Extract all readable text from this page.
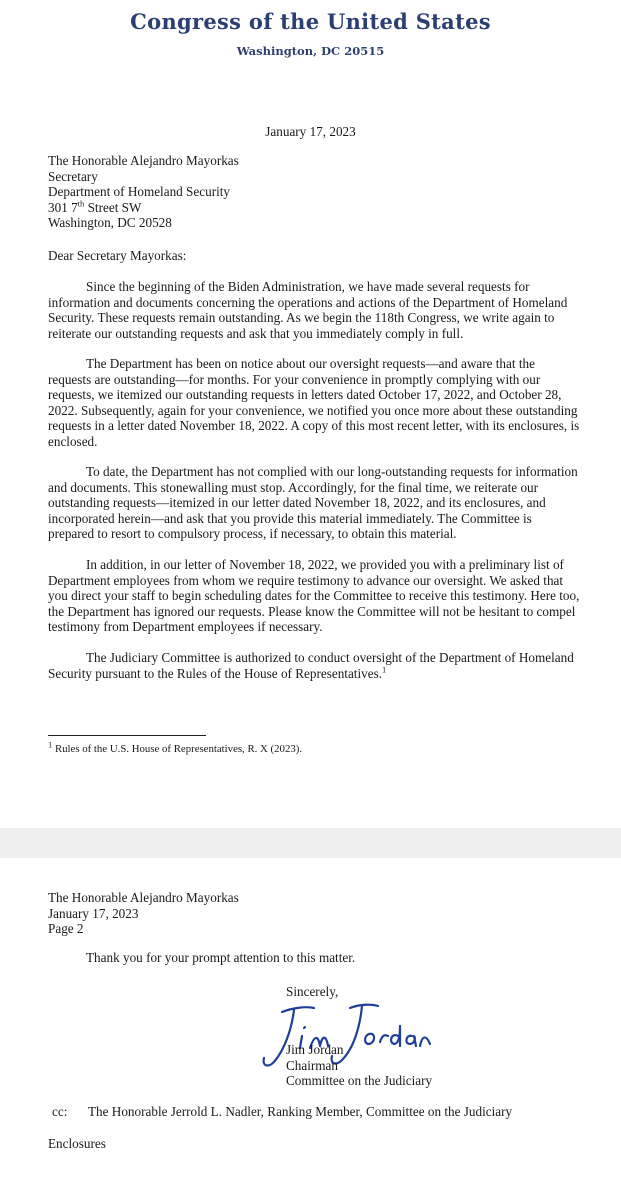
Congress of the United States
Washington, DC 20515
January 17, 2023
The Honorable Alejandro Mayorkas
Secretary
Department of Homeland Security
301 7th Street SW
Washington, DC 20528
Dear Secretary Mayorkas:
Since the beginning of the Biden Administration, we have made several requests for information and documents concerning the operations and actions of the Department of Homeland Security. These requests remain outstanding. As we begin the 118th Congress, we write again to reiterate our outstanding requests and ask that you immediately comply in full.
The Department has been on notice about our oversight requests—and aware that the requests are outstanding—for months. For your convenience in promptly complying with our requests, we itemized our outstanding requests in letters dated October 17, 2022, and October 28, 2022. Subsequently, again for your convenience, we notified you once more about these outstanding requests in a letter dated November 18, 2022. A copy of this most recent letter, with its enclosures, is enclosed.
To date, the Department has not complied with our long-outstanding requests for information and documents. This stonewalling must stop. Accordingly, for the final time, we reiterate our outstanding requests—itemized in our letter dated November 18, 2022, and its enclosures, and incorporated herein—and ask that you provide this material immediately. The Committee is prepared to resort to compulsory process, if necessary, to obtain this material.
In addition, in our letter of November 18, 2022, we provided you with a preliminary list of Department employees from whom we require testimony to advance our oversight. We asked that you direct your staff to begin scheduling dates for the Committee to receive this testimony. Here too, the Department has ignored our requests. Please know the Committee will not be hesitant to compel testimony from Department employees if necessary.
The Judiciary Committee is authorized to conduct oversight of the Department of Homeland Security pursuant to the Rules of the House of Representatives.$^1$
$^1$ Rules of the U.S. House of Representatives, R. X (2023).
The Honorable Alejandro Mayorkas
January 17, 2023
Page 2
Thank you for your prompt attention to this matter.
Sincerely,
Jim Jordan
Chairman
Committee on the Judiciary
cc: The Honorable Jerrold L. Nadler, Ranking Member, Committee on the Judiciary
Enclosures
